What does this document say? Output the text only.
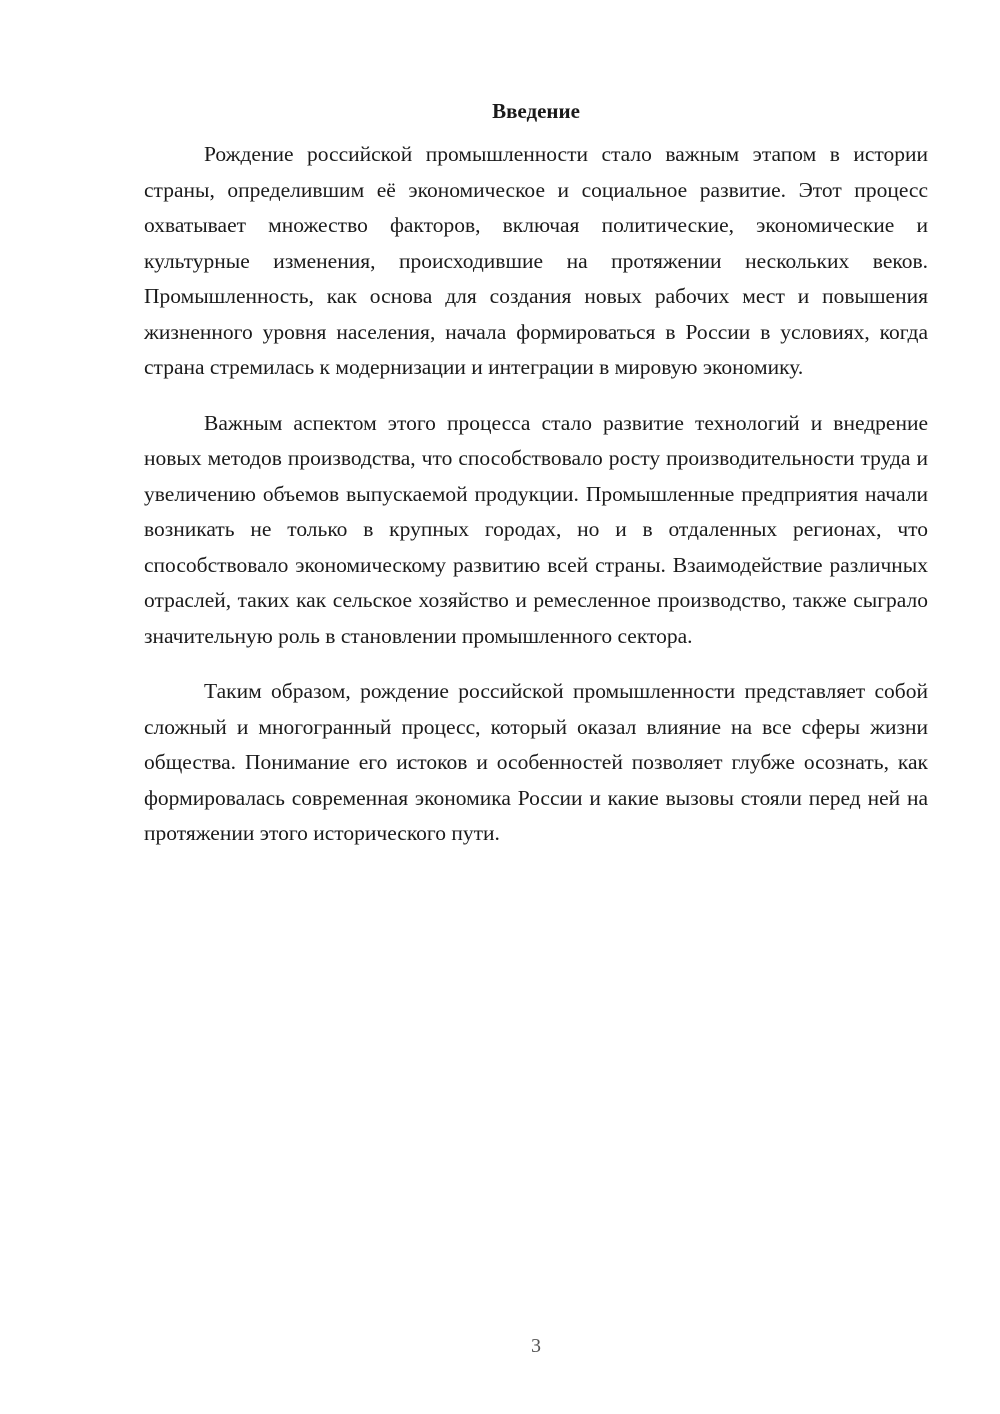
Введение

Рождение российской промышленности стало важным этапом в истории страны, определившим её экономическое и социальное развитие. Этот процесс охватывает множество факторов, включая политические, экономические и культурные изменения, происходившие на протяжении нескольких веков. Промышленность, как основа для создания новых рабочих мест и повышения жизненного уровня населения, начала формироваться в России в условиях, когда страна стремилась к модернизации и интеграции в мировую экономику.

Важным аспектом этого процесса стало развитие технологий и внедрение новых методов производства, что способствовало росту производительности труда и увеличению объемов выпускаемой продукции. Промышленные предприятия начали возникать не только в крупных городах, но и в отдаленных регионах, что способствовало экономическому развитию всей страны. Взаимодействие различных отраслей, таких как сельское хозяйство и ремесленное производство, также сыграло значительную роль в становлении промышленного сектора.

Таким образом, рождение российской промышленности представляет собой сложный и многогранный процесс, который оказал влияние на все сферы жизни общества. Понимание его истоков и особенностей позволяет глубже осознать, как формировалась современная экономика России и какие вызовы стояли перед ней на протяжении этого исторического пути.

3
